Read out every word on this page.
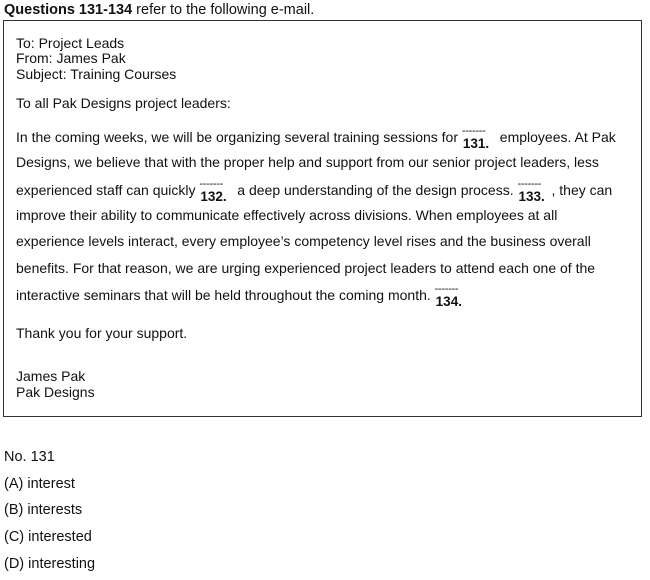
Questions 131-134 refer to the following e-mail.
To: Project Leads
From: James Pak
Subject: Training Courses
To all Pak Designs project leaders:
In the coming weeks, we will be organizing several training sessions for -------
131. employees. At Pak
Designs, we believe that with the proper help and support from our senior project leaders, less
experienced staff can quickly -------
132. a deep understanding of the design process. -------
133. , they can
improve their ability to communicate effectively across divisions. When employees at all
experience levels interact, every employee’s competency level rises and the business overall
benefits. For that reason, we are urging experienced project leaders to attend each one of the
interactive seminars that will be held throughout the coming month. -------
134.
Thank you for your support.
James Pak
Pak Designs
No. 131
(A) interest
(B) interests
(C) interested
(D) interesting
